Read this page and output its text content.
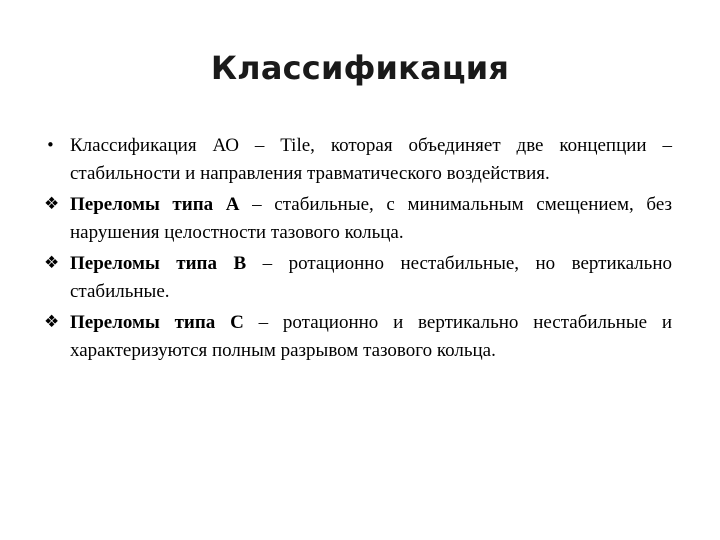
Классификация
• Классификация АО – Tile, которая объединяет две концепции – стабильности и направления травматического воздействия.
❖ Переломы типа А – стабильные, с минимальным смещением, без нарушения целостности тазового кольца.
❖ Переломы типа В – ротационно нестабильные, но вертикально стабильные.
❖ Переломы типа С – ротационно и вертикально нестабильные и характеризуются полным разрывом тазового кольца.
